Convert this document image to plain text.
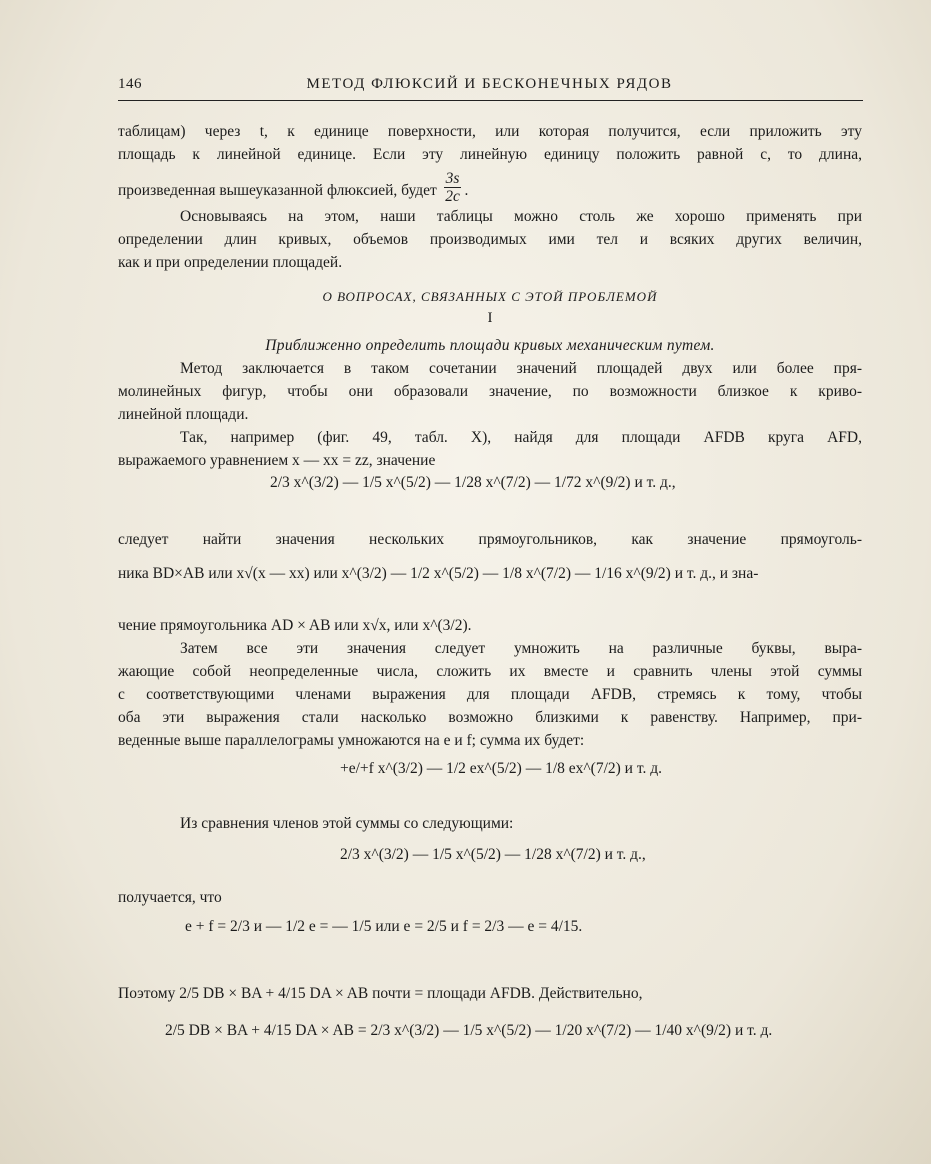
146	МЕТОД ФЛЮКСИЙ И БЕСКОНЕЧНЫХ РЯДОВ
таблицам) через t, к единице поверхности, или которая получится, если приложить эту
площадь к линейной единице. Если эту линейную единицу положить равной c, то длина,
произведенная вышеуказанной флюксией, будет $\frac{3s}{2c}$ .
Основываясь на этом, наши таблицы можно столь же хорошо применять при
определении длин кривых, объемов производимых ими тел и всяких других величин,
как и при определении площадей.
О ВОПРОСАХ, СВЯЗАННЫХ С ЭТОЙ ПРОБЛЕМОЙ
I
Приближенно определить площади кривых механическим путем.
Метод заключается в таком сочетании значений площадей двух или более пря-
молинейных фигур, чтобы они образовали значение, по возможности близкое к криво-
линейной площади.
Так, например (фиг. 49, табл. X), найдя для площади AFDB круга AFD,
выражаемого уравнением x — xx = zz, значение
2/3 x^(3/2) — 1/5 x^(5/2) — 1/28 x^(7/2) — 1/72 x^(9/2) и т. д.,
следует найти значения нескольких прямоугольников, как значение прямоуголь-
ника BD×AB или x√(x — xx) или x^(3/2) — 1/2 x^(5/2) — 1/8 x^(7/2) — 1/16 x^(9/2) и т. д., и зна-
чение прямоугольника AD × AB или x√x, или x^(3/2).
Затем все эти значения следует умножить на различные буквы, выра-
жающие собой неопределенные числа, сложить их вместе и сравнить члены этой суммы
с соответствующими членами выражения для площади AFDB, стремясь к тому, чтобы
оба эти выражения стали насколько возможно близкими к равенству. Например, при-
веденные выше параллелограмы умножаются на e и f; сумма их будет:
+e/+f x^(3/2) — 1/2 ex^(5/2) — 1/8 ex^(7/2) и т. д.
Из сравнения членов этой суммы со следующими:
2/3 x^(3/2) — 1/5 x^(5/2) — 1/28 x^(7/2) и т. д.,
получается, что
e + f = 2/3 и — 1/2 e = — 1/5 или e = 2/5 и f = 2/3 — e = 4/15.
Поэтому 2/5 DB × BA + 4/15 DA × AB почти = площади AFDB. Действительно,
2/5 DB × BA + 4/15 DA × AB = 2/3 x^(3/2) — 1/5 x^(5/2) — 1/20 x^(7/2) — 1/40 x^(9/2) и т. д.
